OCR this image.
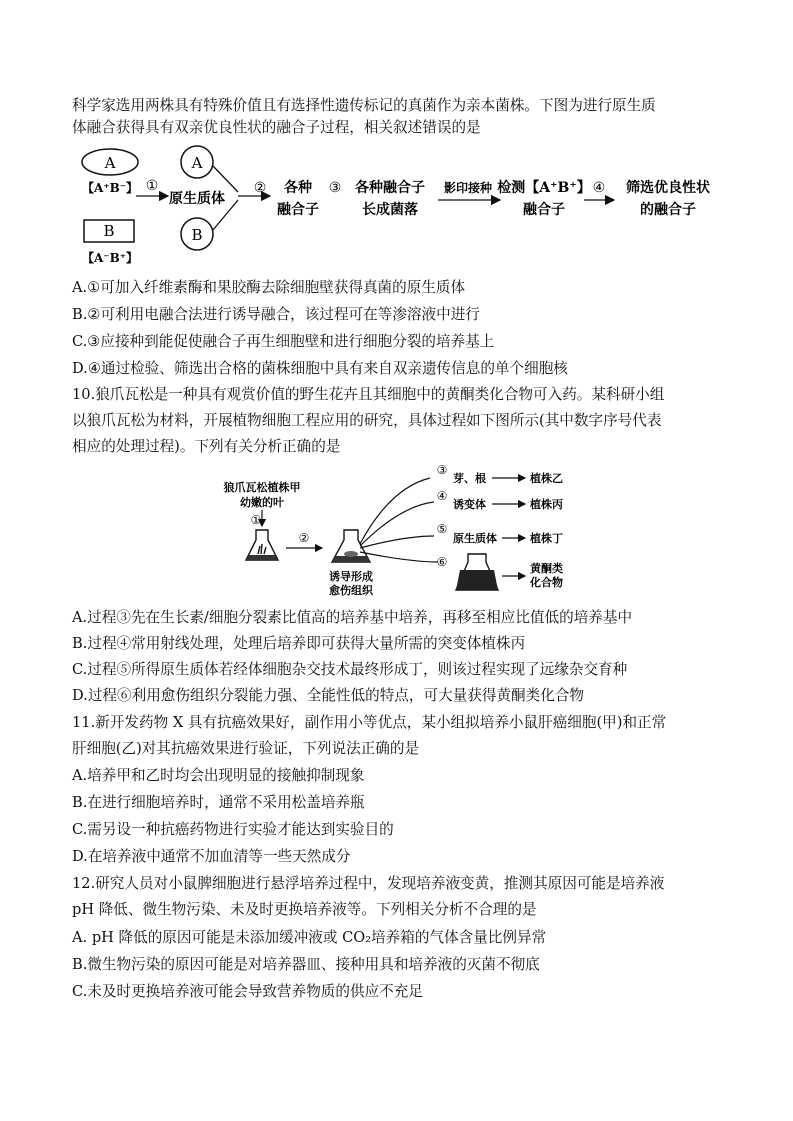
科学家选用两株具有特殊价值且有选择性遗传标记的真菌作为亲本菌株。下图为进行原生质
体融合获得具有双亲优良性状的融合子过程，相关叙述错误的是
A
【A⁺B⁻】
B
【A⁻B⁺】
①
原生质体
A
B
② 各种
融合子
③ 各种融合子
长成菌落
影印接种 检测【A⁺B⁺】
融合子
④ 筛选优良性状
的融合子
A.①可加入纤维素酶和果胶酶去除细胞壁获得真菌的原生质体
B.②可利用电融合法进行诱导融合，该过程可在等渗溶液中进行
C.③应接种到能促使融合子再生细胞壁和进行细胞分裂的培养基上
D.④通过检验、筛选出合格的菌株细胞中具有来自双亲遗传信息的单个细胞核
10.狼爪瓦松是一种具有观赏价值的野生花卉且其细胞中的黄酮类化合物可入药。某科研小组
以狼爪瓦松为材料，开展植物细胞工程应用的研究，具体过程如下图所示(其中数字序号代表
相应的处理过程)。下列有关分析正确的是
狼爪瓦松植株甲
幼嫩的叶
①
②
诱导形成
愈伤组织
③
④
⑤
⑥
芽、根
诱变体
原生质体
植株乙
植株丙
植株丁
黄酮类
化合物
A.过程③先在生长素/细胞分裂素比值高的培养基中培养，再移至相应比值低的培养基中
B.过程④常用射线处理，处理后培养即可获得大量所需的突变体植株丙
C.过程⑤所得原生质体若经体细胞杂交技术最终形成丁，则该过程实现了远缘杂交育种
D.过程⑥利用愈伤组织分裂能力强、全能性低的特点，可大量获得黄酮类化合物
11.新开发药物 X 具有抗癌效果好，副作用小等优点，某小组拟培养小鼠肝癌细胞(甲)和正常
肝细胞(乙)对其抗癌效果进行验证，下列说法正确的是
A.培养甲和乙时均会出现明显的接触抑制现象
B.在进行细胞培养时，通常不采用松盖培养瓶
C.需另设一种抗癌药物进行实验才能达到实验目的
D.在培养液中通常不加血清等一些天然成分
12.研究人员对小鼠脾细胞进行悬浮培养过程中，发现培养液变黄，推测其原因可能是培养液
pH 降低、微生物污染、未及时更换培养液等。下列相关分析不合理的是
A. pH 降低的原因可能是未添加缓冲液或 CO₂培养箱的气体含量比例异常
B.微生物污染的原因可能是对培养器皿、接种用具和培养液的灭菌不彻底
C.未及时更换培养液可能会导致营养物质的供应不充足
